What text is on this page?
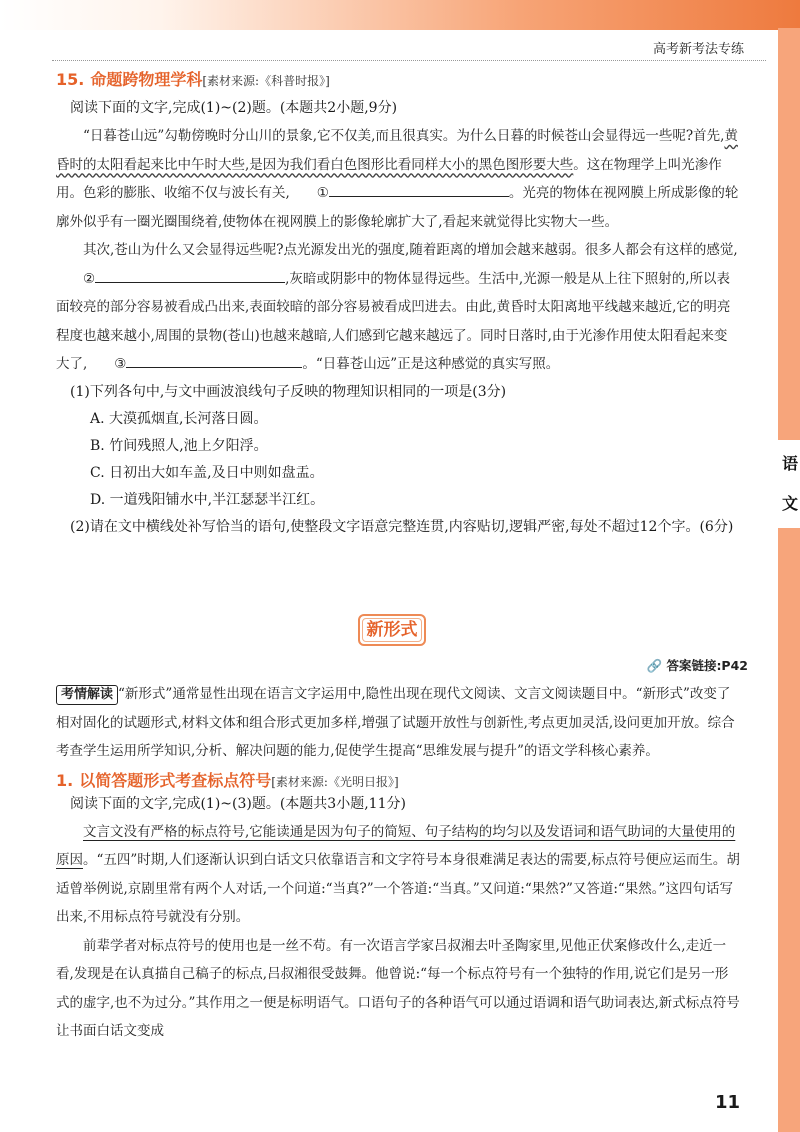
高考新考法专练
语
文
15. 命题跨物理学科[素材来源:《科普时报》]

阅读下面的文字,完成(1)~(2)题。(本题共2小题,9分)

“日暮苍山远”勾勒傍晚时分山川的景象,它不仅美,而且很真实。为什么日暮的时候苍山会显得远一些呢?首先,黄昏时的太阳看起来比中午时大些,是因为我们看白色图形比看同样大小的黑色图形要大些。这在物理学上叫光渗作用。色彩的膨胀、收缩不仅与波长有关, ①	。光亮的物体在视网膜上所成影像的轮廓外似乎有一圈光圈围绕着,使物体在视网膜上的影像轮廓扩大了,看起来就觉得比实物大一些。

其次,苍山为什么又会显得远些呢?点光源发出光的强度,随着距离的增加会越来越弱。很多人都会有这样的感觉,②	,灰暗或阴影中的物体显得远些。生活中,光源一般是从上往下照射的,所以表面较亮的部分容易被看成凸出来,表面较暗的部分容易被看成凹进去。由此,黄昏时太阳离地平线越来越近,它的明亮程度也越来越小,周围的景物(苍山)也越来越暗,人们感到它越来越远了。同时日落时,由于光渗作用使太阳看起来变大了, ③	。“日暮苍山远”正是这种感觉的真实写照。

(1)下列各句中,与文中画波浪线句子反映的物理知识相同的一项是(3分)

A. 大漠孤烟直,长河落日圆。

B. 竹间残照人,池上夕阳浮。

C. 日初出大如车盖,及日中则如盘盂。

D. 一道残阳铺水中,半江瑟瑟半江红。

(2)请在文中横线处补写恰当的语句,使整段文字语意完整连贯,内容贴切,逻辑严密,每处不超过12个字。(6分)

新形式
🔗 答案链接:P42

考情解读 “新形式”通常显性出现在语言文字运用中,隐性出现在现代文阅读、文言文阅读题目中。“新形式”改变了相对固化的试题形式,材料文体和组合形式更加多样,增强了试题开放性与创新性,考点更加灵活,设问更加开放。综合考查学生运用所学知识,分析、解决问题的能力,促使学生提高“思维发展与提升”的语文学科核心素养。

1. 以简答题形式考查标点符号[素材来源:《光明日报》]

阅读下面的文字,完成(1)~(3)题。(本题共3小题,11分)

文言文没有严格的标点符号,它能读通是因为句子的简短、句子结构的均匀以及发语词和语气助词的大量使用的原因。“五四”时期,人们逐渐认识到白话文只依靠语言和文字符号本身很难满足表达的需要,标点符号便应运而生。胡适曾举例说,京剧里常有两个人对话,一个问道:“当真?”一个答道:“当真。”又问道:“果然?”又答道:“果然。”这四句话写出来,不用标点符号就没有分别。

前辈学者对标点符号的使用也是一丝不苟。有一次语言学家吕叔湘去叶圣陶家里,见他正伏案修改什么,走近一看,发现是在认真描自己稿子的标点,吕叔湘很受鼓舞。他曾说:“每一个标点符号有一个独特的作用,说它们是另一形式的虚字,也不为过分。”其作用之一便是标明语气。口语句子的各种语气可以通过语调和语气助词表达,新式标点符号让书面白话文变成

11
